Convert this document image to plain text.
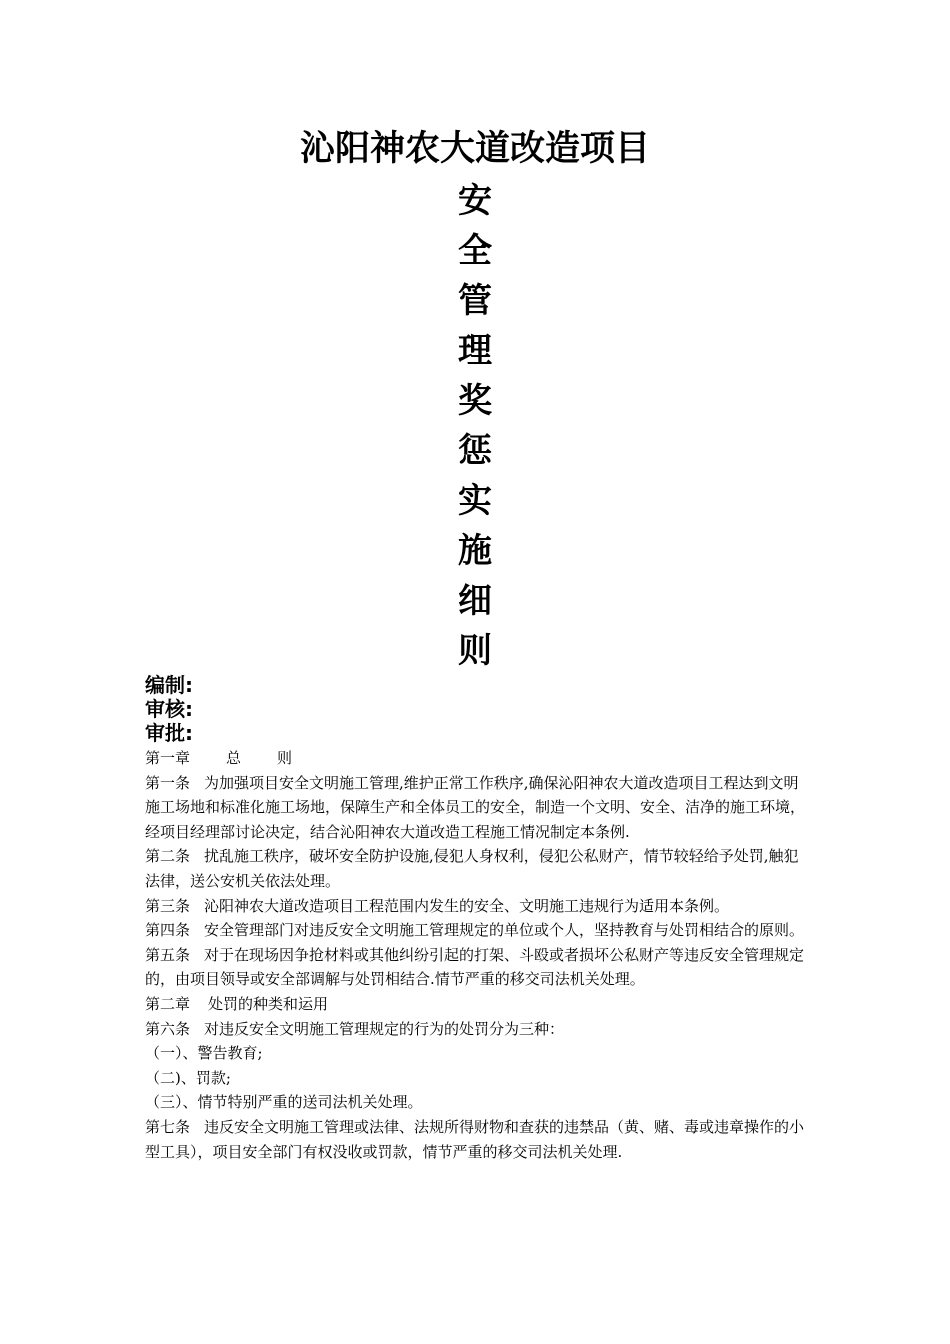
沁阳神农大道改造项目
安
全
管
理
奖
惩
实
施
细
则
编制:
审核:
审批:

第一章 总 则

第一条 为加强项目安全文明施工管理,维护正常工作秩序,确保沁阳神农大道改造项目工程达到文明施工场地和标准化施工场地，保障生产和全体员工的安全，制造一个文明、安全、洁净的施工环境，经项目经理部讨论决定，结合沁阳神农大道改造工程施工情况制定本条例.

第二条 扰乱施工秩序，破坏安全防护设施,侵犯人身权利，侵犯公私财产，情节较轻给予处罚,触犯法律，送公安机关依法处理。

第三条 沁阳神农大道改造项目工程范围内发生的安全、文明施工违规行为适用本条例。

第四条 安全管理部门对违反安全文明施工管理规定的单位或个人，坚持教育与处罚相结合的原则。

第五条 对于在现场因争抢材料或其他纠纷引起的打架、斗殴或者损坏公私财产等违反安全管理规定的，由项目领导或安全部调解与处罚相结合.情节严重的移交司法机关处理。

第二章 处罚的种类和运用

第六条 对违反安全文明施工管理规定的行为的处罚分为三种：

（一）、警告教育;

（二)、罚款;

（三）、情节特别严重的送司法机关处理。

第七条 违反安全文明施工管理或法律、法规所得财物和查获的违禁品（黄、赌、毒或违章操作的小型工具），项目安全部门有权没收或罚款，情节严重的移交司法机关处理.
